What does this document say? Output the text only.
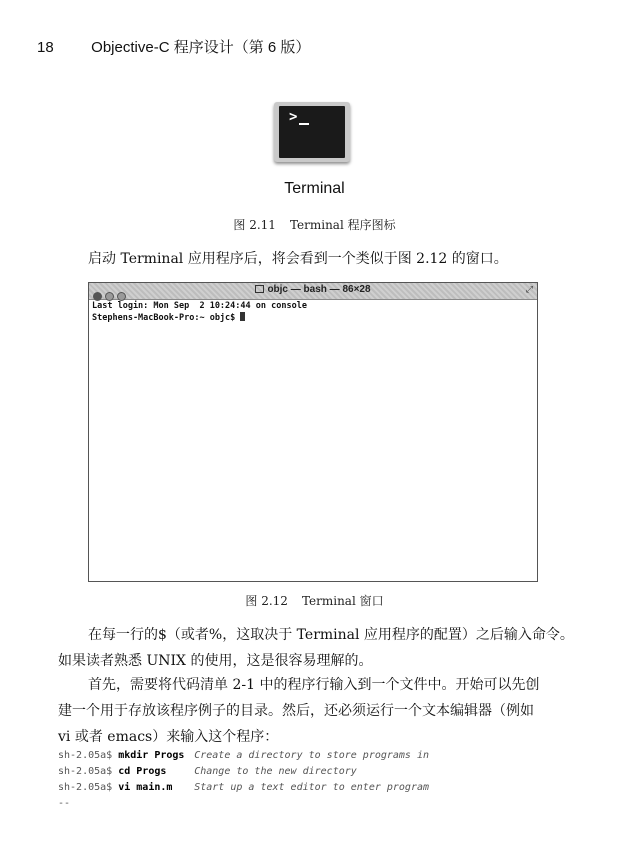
18 Objective-C 程序设计（第 6 版）
>
Terminal
图 2.11 Terminal 程序图标

启动 Terminal 应用程序后，将会看到一个类似于图 2.12 的窗口。

objc — bash — 86×28	⤢
Last login: Mon Sep  2 10:24:44 on console
Stephens-MacBook-Pro:~ objc$
图 2.12 Terminal 窗口

在每一行的$（或者%，这取决于 Terminal 应用程序的配置）之后输入命令。
如果读者熟悉 UNIX 的使用，这是很容易理解的。

首先，需要将代码清单 2-1 中的程序行输入到一个文件中。开始可以先创
建一个用于存放该程序例子的目录。然后，还必须运行一个文本编辑器（例如
vi 或者 emacs）来输入这个程序：

sh-2.05a$ mkdir Progs Create a directory to store programs in
sh-2.05a$ cd Progs	Change to the new directory
sh-2.05a$ vi main.m Start up a text editor to enter program
--
